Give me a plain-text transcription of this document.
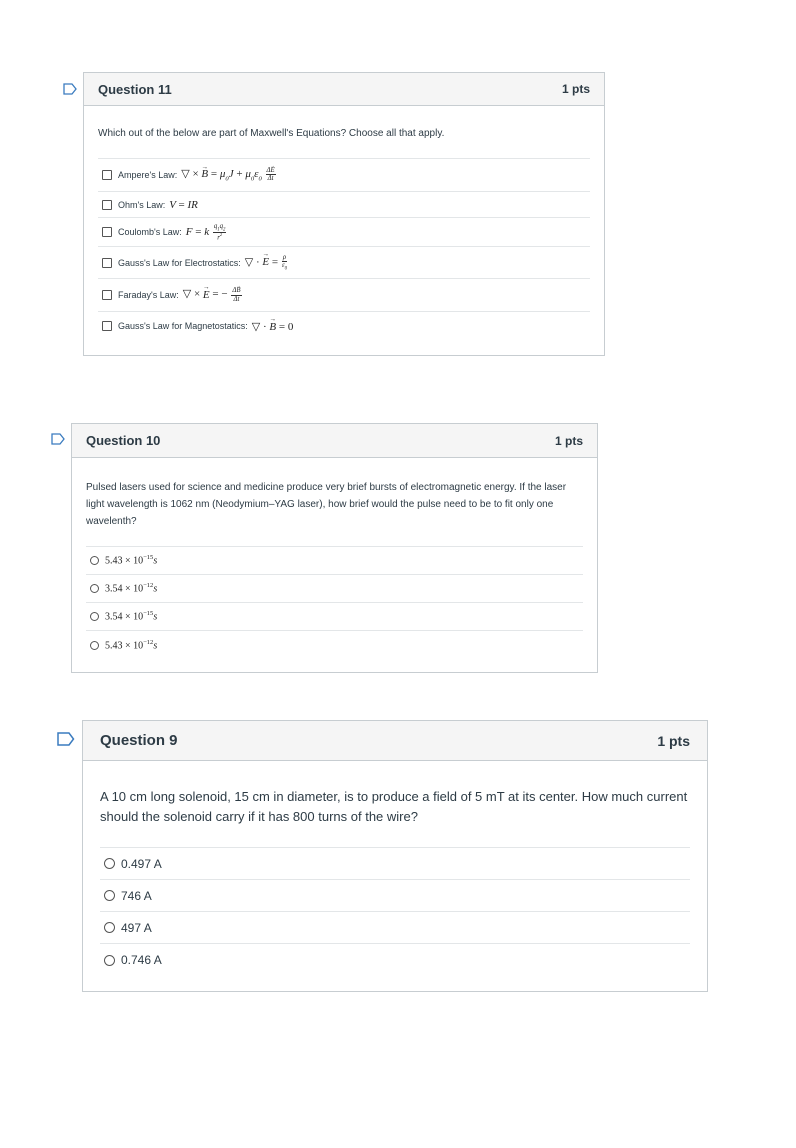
Question 11	1 pts
Which out of the below are part of Maxwell's Equations? Choose all that apply.
Ampere's Law: ▽ × → $B = \mu_0J + \mu_0\varepsilon_0 \frac{\Delta\to E}{\Delta t}$
Ohm's Law: V = IR
Coulomb's Law: F = k $\frac{q_1q_2}{r^2}$
Gauss's Law for Electrostatics: ▽ · → $E = \frac{\rho}{\varepsilon_0}$
Faraday's Law: ▽ × → E = − $\frac{\Delta\to B}{\Delta t}$
Gauss's Law for Magnetostatics: ▽ · → B = 0
Question 10	1 pts
Pulsed lasers used for science and medicine produce very brief bursts of electromagnetic energy. If the laser light wavelength is 1062 nm (Neodymium–YAG laser), how brief would the pulse need to be to fit only one wavelenth?
$5.43 \times 10^{-15}s$
$3.54 \times 10^{-12}s$
$3.54 \times 10^{-15}s$
$5.43 \times 10^{-12}s$
Question 9	1 pts
A 10 cm long solenoid, 15 cm in diameter, is to produce a field of 5 mT at its center. How much current should the solenoid carry if it has 800 turns of the wire?
0.497 A
746 A
497 A
0.746 A
